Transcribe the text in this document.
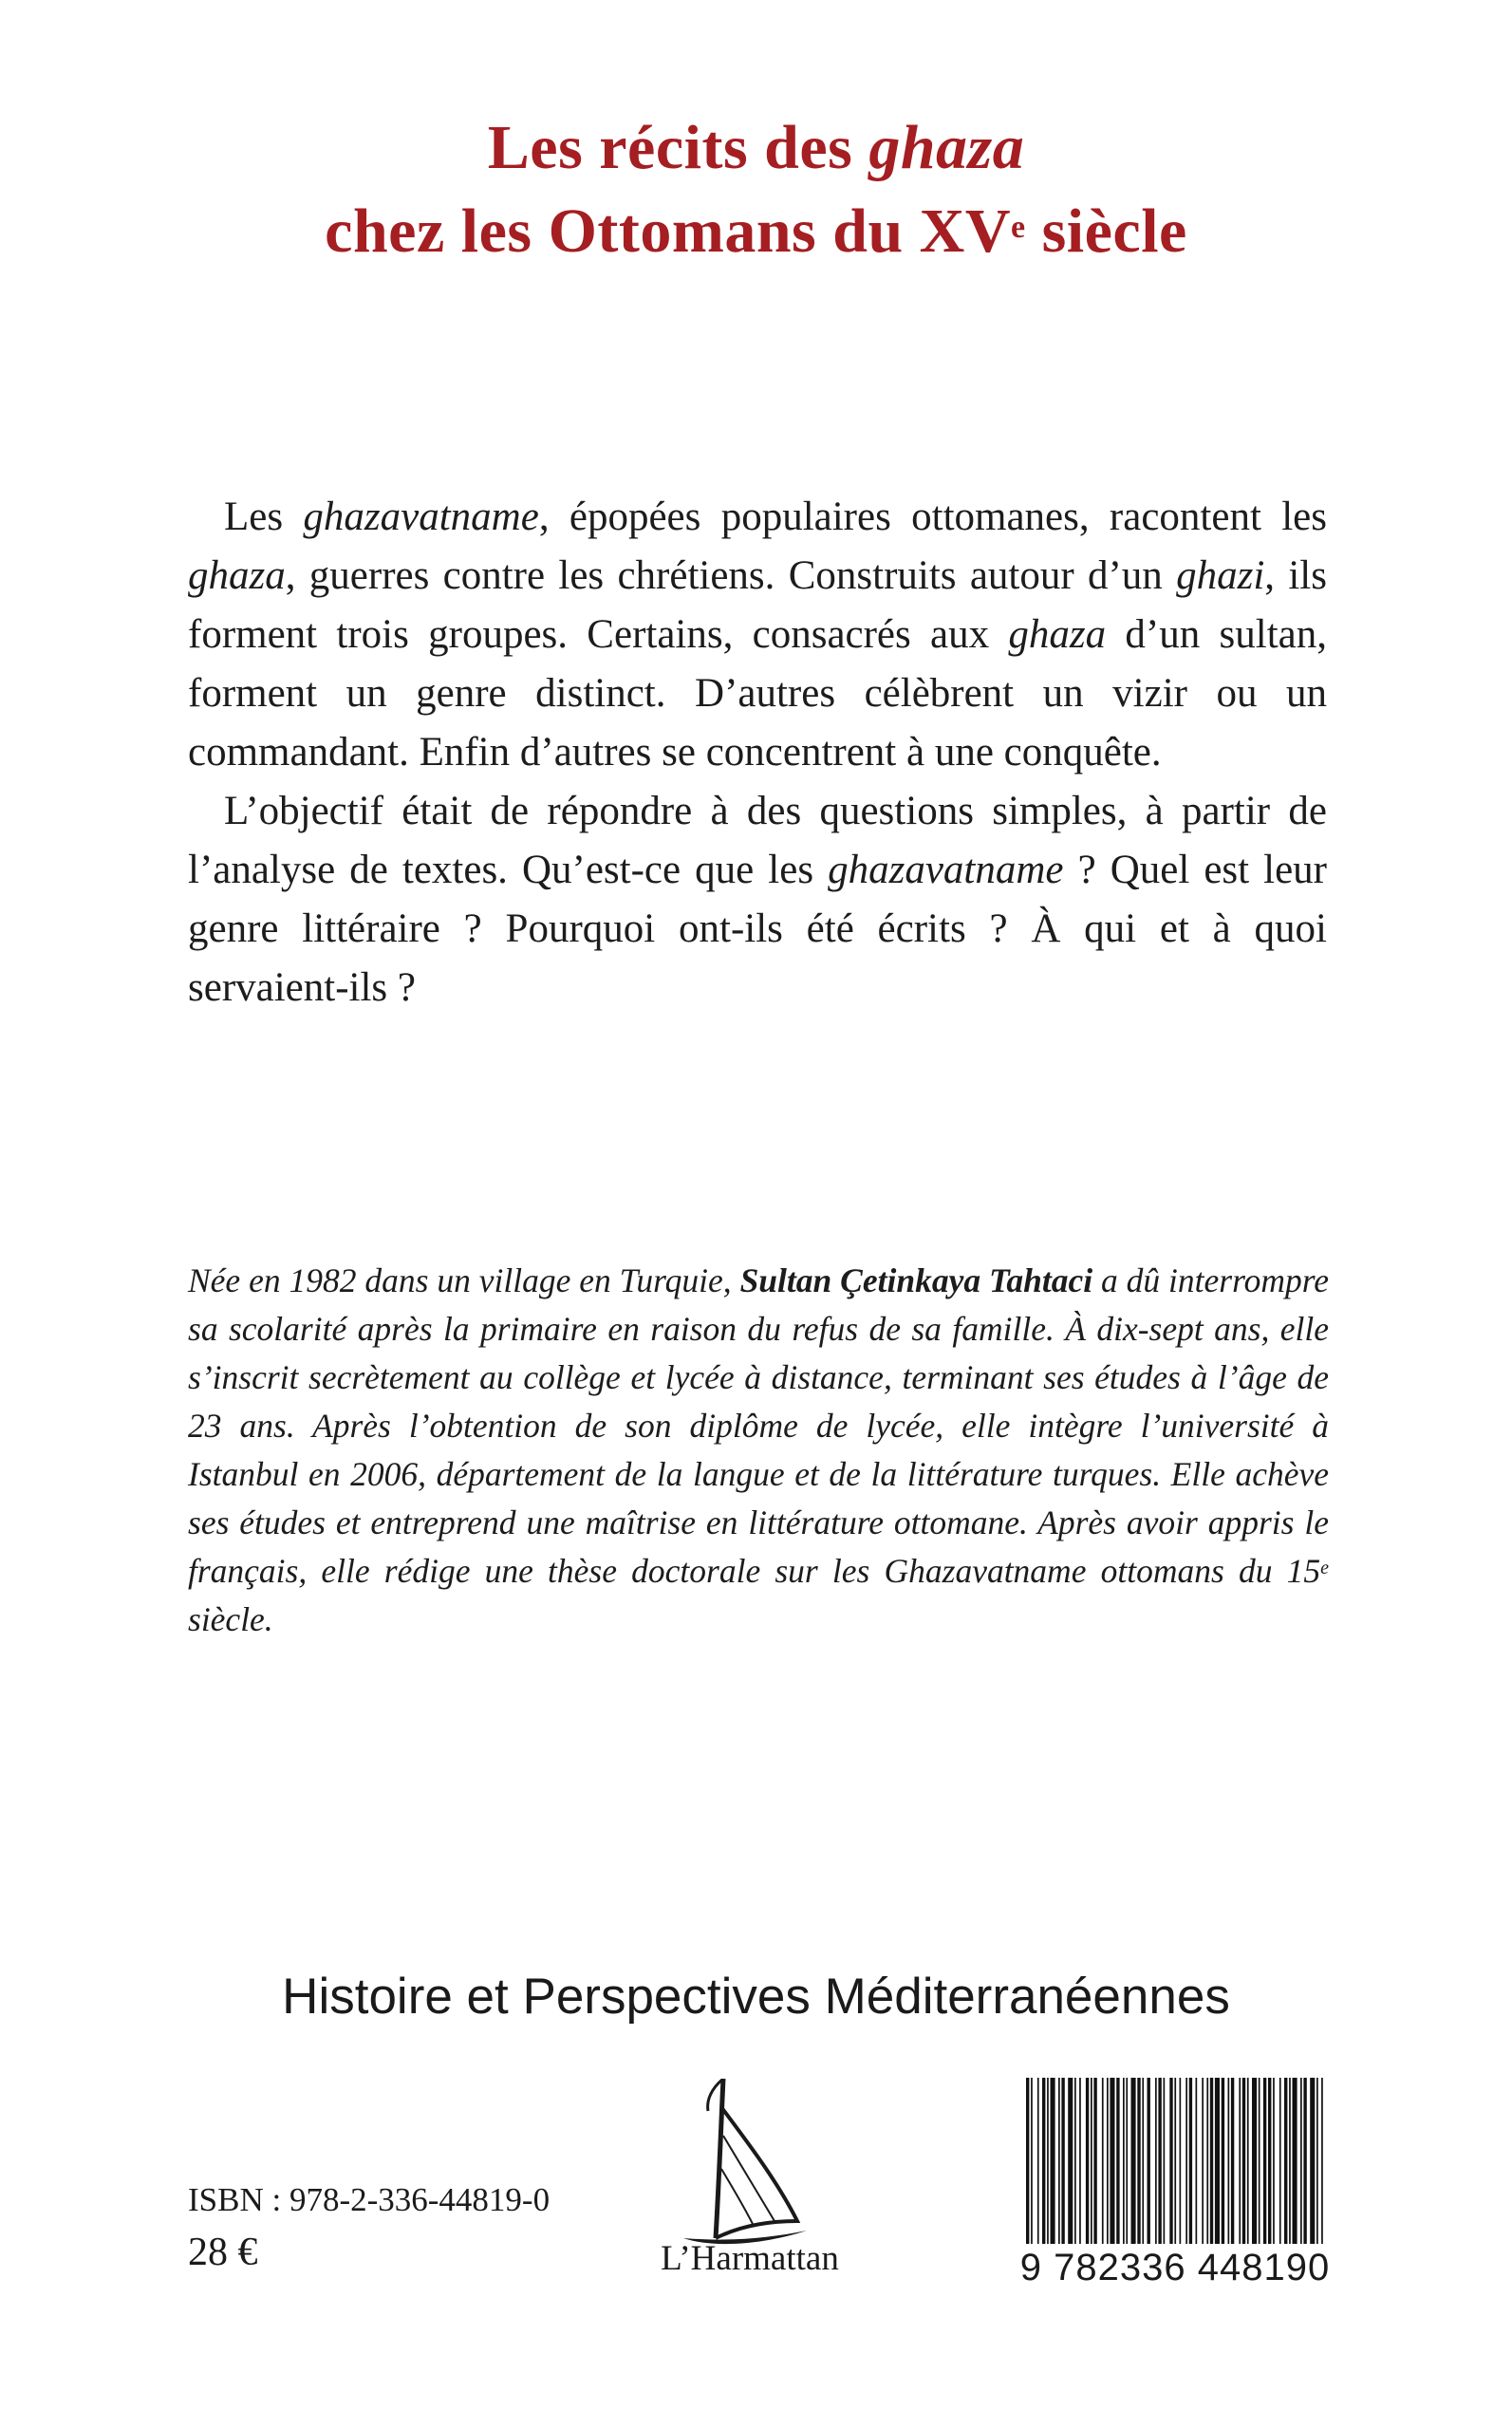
Les récits des ghaza
chez les Ottomans du XVe siècle

Les ghazavatname, épopées populaires ottomanes, racontent les ghaza, guerres contre les chrétiens. Construits autour d’un ghazi, ils forment trois groupes. Certains, consacrés aux ghaza d’un sultan, forment un genre distinct. D’autres célèbrent un vizir ou un commandant. Enfin d’autres se concentrent à une conquête.

L’objectif était de répondre à des questions simples, à partir de l’analyse de textes. Qu’est-ce que les ghazavatname ? Quel est leur genre littéraire ? Pourquoi ont-ils été écrits ? À qui et à quoi servaient-ils ?

Née en 1982 dans un village en Turquie, Sultan Çetinkaya Tahtaci a dû interrompre sa scolarité après la primaire en raison du refus de sa famille. À dix-sept ans, elle s’inscrit secrètement au collège et lycée à distance, terminant ses études à l’âge de 23 ans. Après l’obtention de son diplôme de lycée, elle intègre l’université à Istanbul en 2006, département de la langue et de la littérature turques. Elle achève ses études et entreprend une maîtrise en littérature ottomane. Après avoir appris le français, elle rédige une thèse doctorale sur les Ghazavatname ottomans du 15e siècle.

Histoire et Perspectives Méditerranéennes
ISBN : 978-2-336-44819-0
28 €	L’Harmattan	9 782336 448190
